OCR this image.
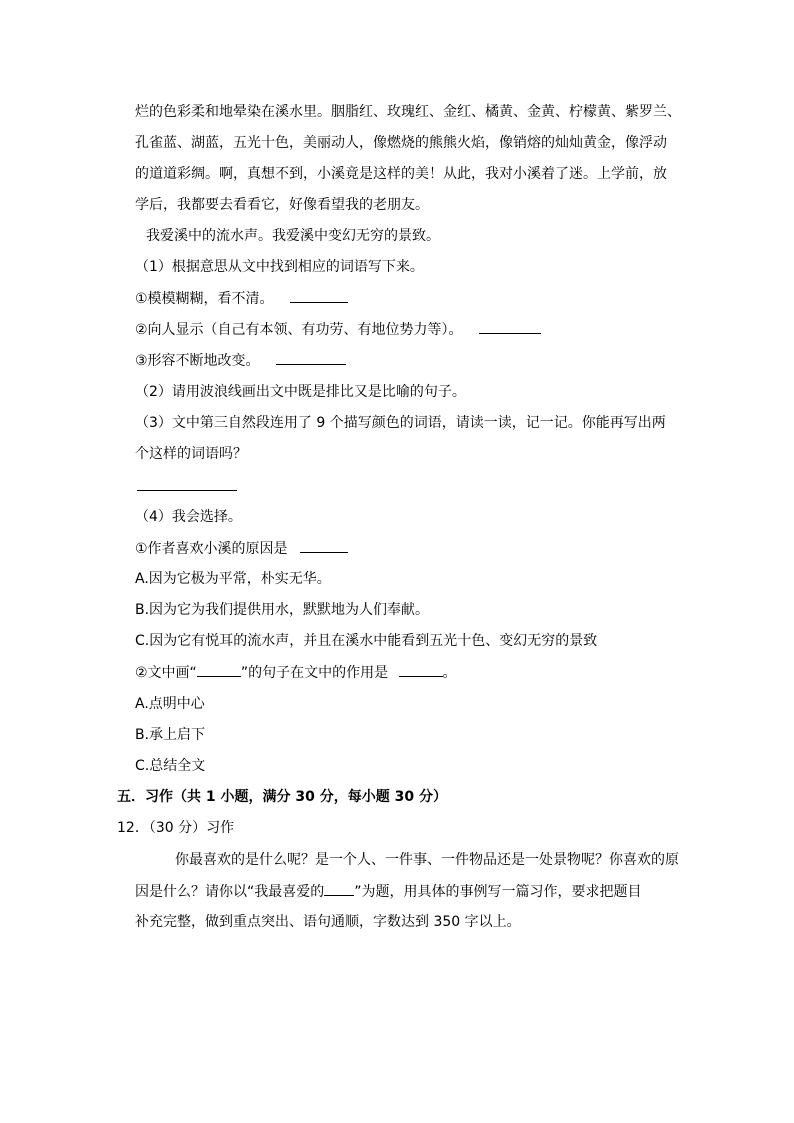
烂的色彩柔和地晕染在溪水里。胭脂红、玫瑰红、金红、橘黄、金黄、柠檬黄、紫罗兰、
孔雀蓝、湖蓝，五光十色，美丽动人，像燃烧的熊熊火焰，像销熔的灿灿黄金，像浮动
的道道彩绸。啊，真想不到，小溪竟是这样的美！从此，我对小溪着了迷。上学前，放
学后，我都要去看看它，好像看望我的老朋友。
我爱溪中的流水声。我爱溪中变幻无穷的景致。
（1）根据意思从文中找到相应的词语写下来。
①模模糊糊，看不清。
②向人显示（自己有本领、有功劳、有地位势力等）。
③形容不断地改变。
（2）请用波浪线画出文中既是排比又是比喻的句子。
（3）文中第三自然段连用了 9 个描写颜色的词语，请读一读，记一记。你能再写出两
个这样的词语吗？
（4）我会选择。
①作者喜欢小溪的原因是
A.因为它极为平常，朴实无华。
B.因为它为我们提供用水，默默地为人们奉献。
C.因为它有悦耳的流水声，并且在溪水中能看到五光十色、变幻无穷的景致
②文中画“	”的句子在文中的作用是	。
A.点明中心
B.承上启下
C.总结全文
五．习作（共 1 小题，满分 30 分，每小题 30 分）
12．（30 分）习作
你最喜欢的是什么呢？是一个人、一件事、一件物品还是一处景物呢？你喜欢的原
因是什么？请你以“我最喜爱的 ”为题，用具体的事例写一篇习作，要求把题目
补充完整，做到重点突出、语句通顺，字数达到 350 字以上。
